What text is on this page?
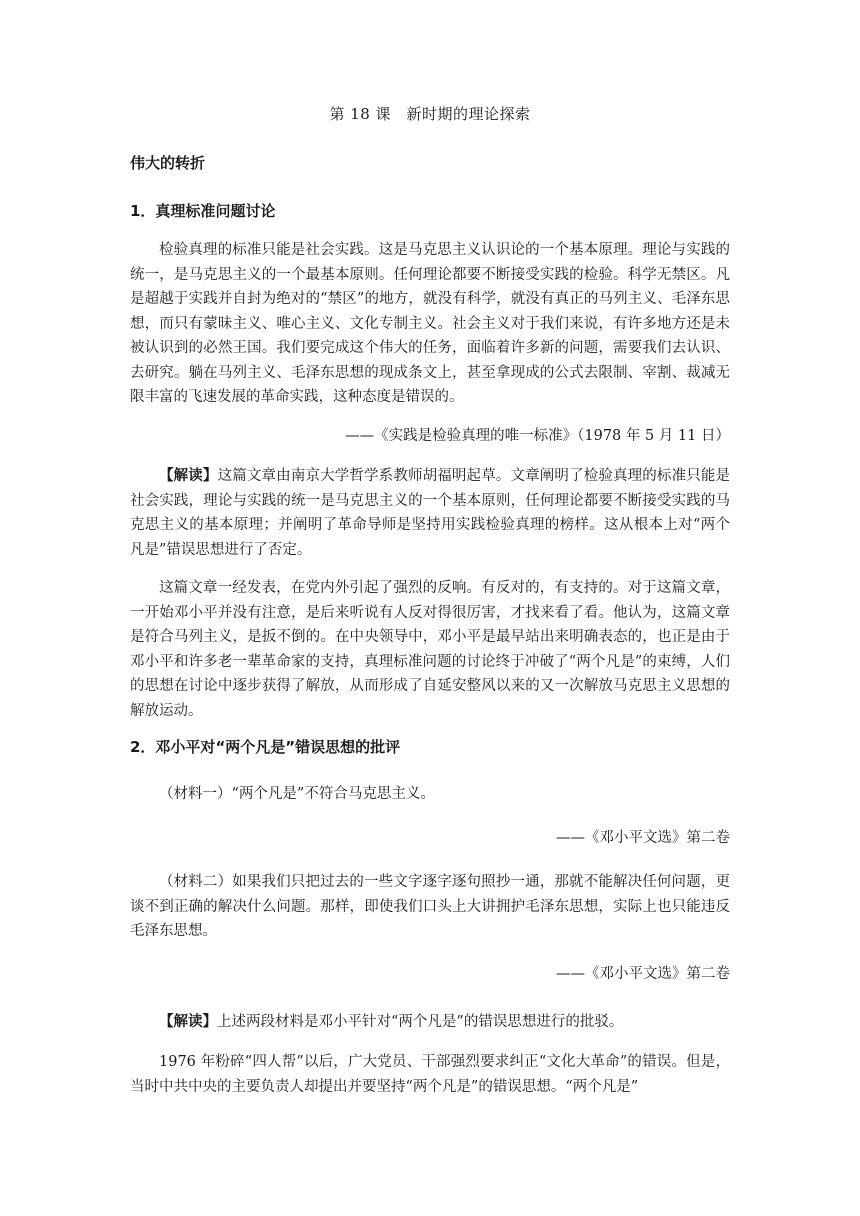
第 18 课　新时期的理论探索
伟大的转折
1．真理标准问题讨论
检验真理的标准只能是社会实践。这是马克思主义认识论的一个基本原理。理论与实践的统一，是马克思主义的一个最基本原则。任何理论都要不断接受实践的检验。科学无禁区。凡是超越于实践并自封为绝对的“禁区”的地方，就没有科学，就没有真正的马列主义、毛泽东思想，而只有蒙昧主义、唯心主义、文化专制主义。社会主义对于我们来说，有许多地方还是未被认识到的必然王国。我们要完成这个伟大的任务，面临着许多新的问题，需要我们去认识、去研究。躺在马列主义、毛泽东思想的现成条文上，甚至拿现成的公式去限制、宰割、裁减无限丰富的飞速发展的革命实践，这种态度是错误的。
——《实践是检验真理的唯一标准》（1978 年 5 月 11 日）
【解读】这篇文章由南京大学哲学系教师胡福明起草。文章阐明了检验真理的标准只能是社会实践，理论与实践的统一是马克思主义的一个基本原则，任何理论都要不断接受实践的马克思主义的基本原理；并阐明了革命导师是坚持用实践检验真理的榜样。这从根本上对“两个凡是”错误思想进行了否定。
这篇文章一经发表，在党内外引起了强烈的反响。有反对的，有支持的。对于这篇文章，一开始邓小平并没有注意，是后来听说有人反对得很厉害，才找来看了看。他认为，这篇文章是符合马列主义，是扳不倒的。在中央领导中，邓小平是最早站出来明确表态的，也正是由于邓小平和许多老一辈革命家的支持，真理标准问题的讨论终于冲破了“两个凡是”的束缚，人们的思想在讨论中逐步获得了解放，从而形成了自延安整风以来的又一次解放马克思主义思想的解放运动。
2．邓小平对“两个凡是”错误思想的批评
（材料一）“两个凡是”不符合马克思主义。
——《邓小平文选》第二卷
（材料二）如果我们只把过去的一些文字逐字逐句照抄一通，那就不能解决任何问题，更谈不到正确的解决什么问题。那样，即使我们口头上大讲拥护毛泽东思想，实际上也只能违反毛泽东思想。
——《邓小平文选》第二卷
【解读】上述两段材料是邓小平针对“两个凡是”的错误思想进行的批驳。
1976 年粉碎“四人帮”以后，广大党员、干部强烈要求纠正“文化大革命”的错误。但是，当时中共中央的主要负责人却提出并要坚持“两个凡是”的错误思想。“两个凡是”
